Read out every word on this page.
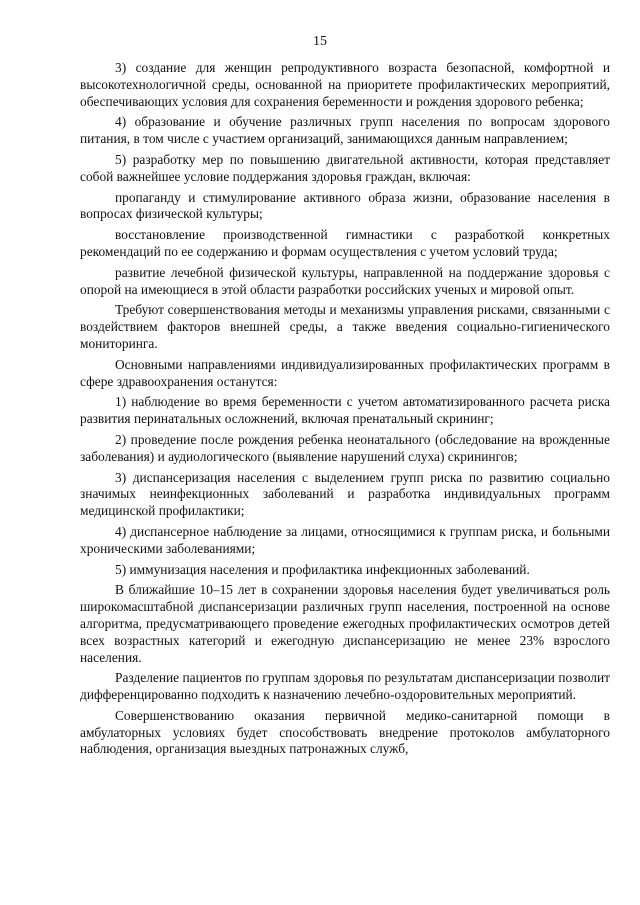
15

3) создание для женщин репродуктивного возраста безопасной, комфортной и высокотехнологичной среды, основанной на приоритете профилактических мероприятий, обеспечивающих условия для сохранения беременности и рождения здорового ребенка;

4) образование и обучение различных групп населения по вопросам здорового питания, в том числе с участием организаций, занимающихся данным направлением;

5) разработку мер по повышению двигательной активности, которая представляет собой важнейшее условие поддержания здоровья граждан, включая:

пропаганду и стимулирование активного образа жизни, образование населения в вопросах физической культуры;

восстановление производственной гимнастики с разработкой конкретных рекомендаций по ее содержанию и формам осуществления с учетом условий труда;

развитие лечебной физической культуры, направленной на поддержание здоровья с опорой на имеющиеся в этой области разработки российских ученых и мировой опыт.

Требуют совершенствования методы и механизмы управления рисками, связанными с воздействием факторов внешней среды, а также введения социально-гигиенического мониторинга.

Основными направлениями индивидуализированных профилактических программ в сфере здравоохранения останутся:

1) наблюдение во время беременности с учетом автоматизированного расчета риска развития перинатальных осложнений, включая пренатальный скрининг;

2) проведение после рождения ребенка неонатального (обследование на врожденные заболевания) и аудиологического (выявление нарушений слуха) скринингов;

3) диспансеризация населения с выделением групп риска по развитию социально значимых неинфекционных заболеваний и разработка индивидуальных программ медицинской профилактики;

4) диспансерное наблюдение за лицами, относящимися к группам риска, и больными хроническими заболеваниями;

5) иммунизация населения и профилактика инфекционных заболеваний.

В ближайшие 10–15 лет в сохранении здоровья населения будет увеличиваться роль широкомасштабной диспансеризации различных групп населения, построенной на основе алгоритма, предусматривающего проведение ежегодных профилактических осмотров детей всех возрастных категорий и ежегодную диспансеризацию не менее 23% взрослого населения.

Разделение пациентов по группам здоровья по результатам диспансеризации позволит дифференцированно подходить к назначению лечебно-оздоровительных мероприятий.

Совершенствованию оказания первичной медико-санитарной помощи в амбулаторных условиях будет способствовать внедрение протоколов амбулаторного наблюдения, организация выездных патронажных служб,
